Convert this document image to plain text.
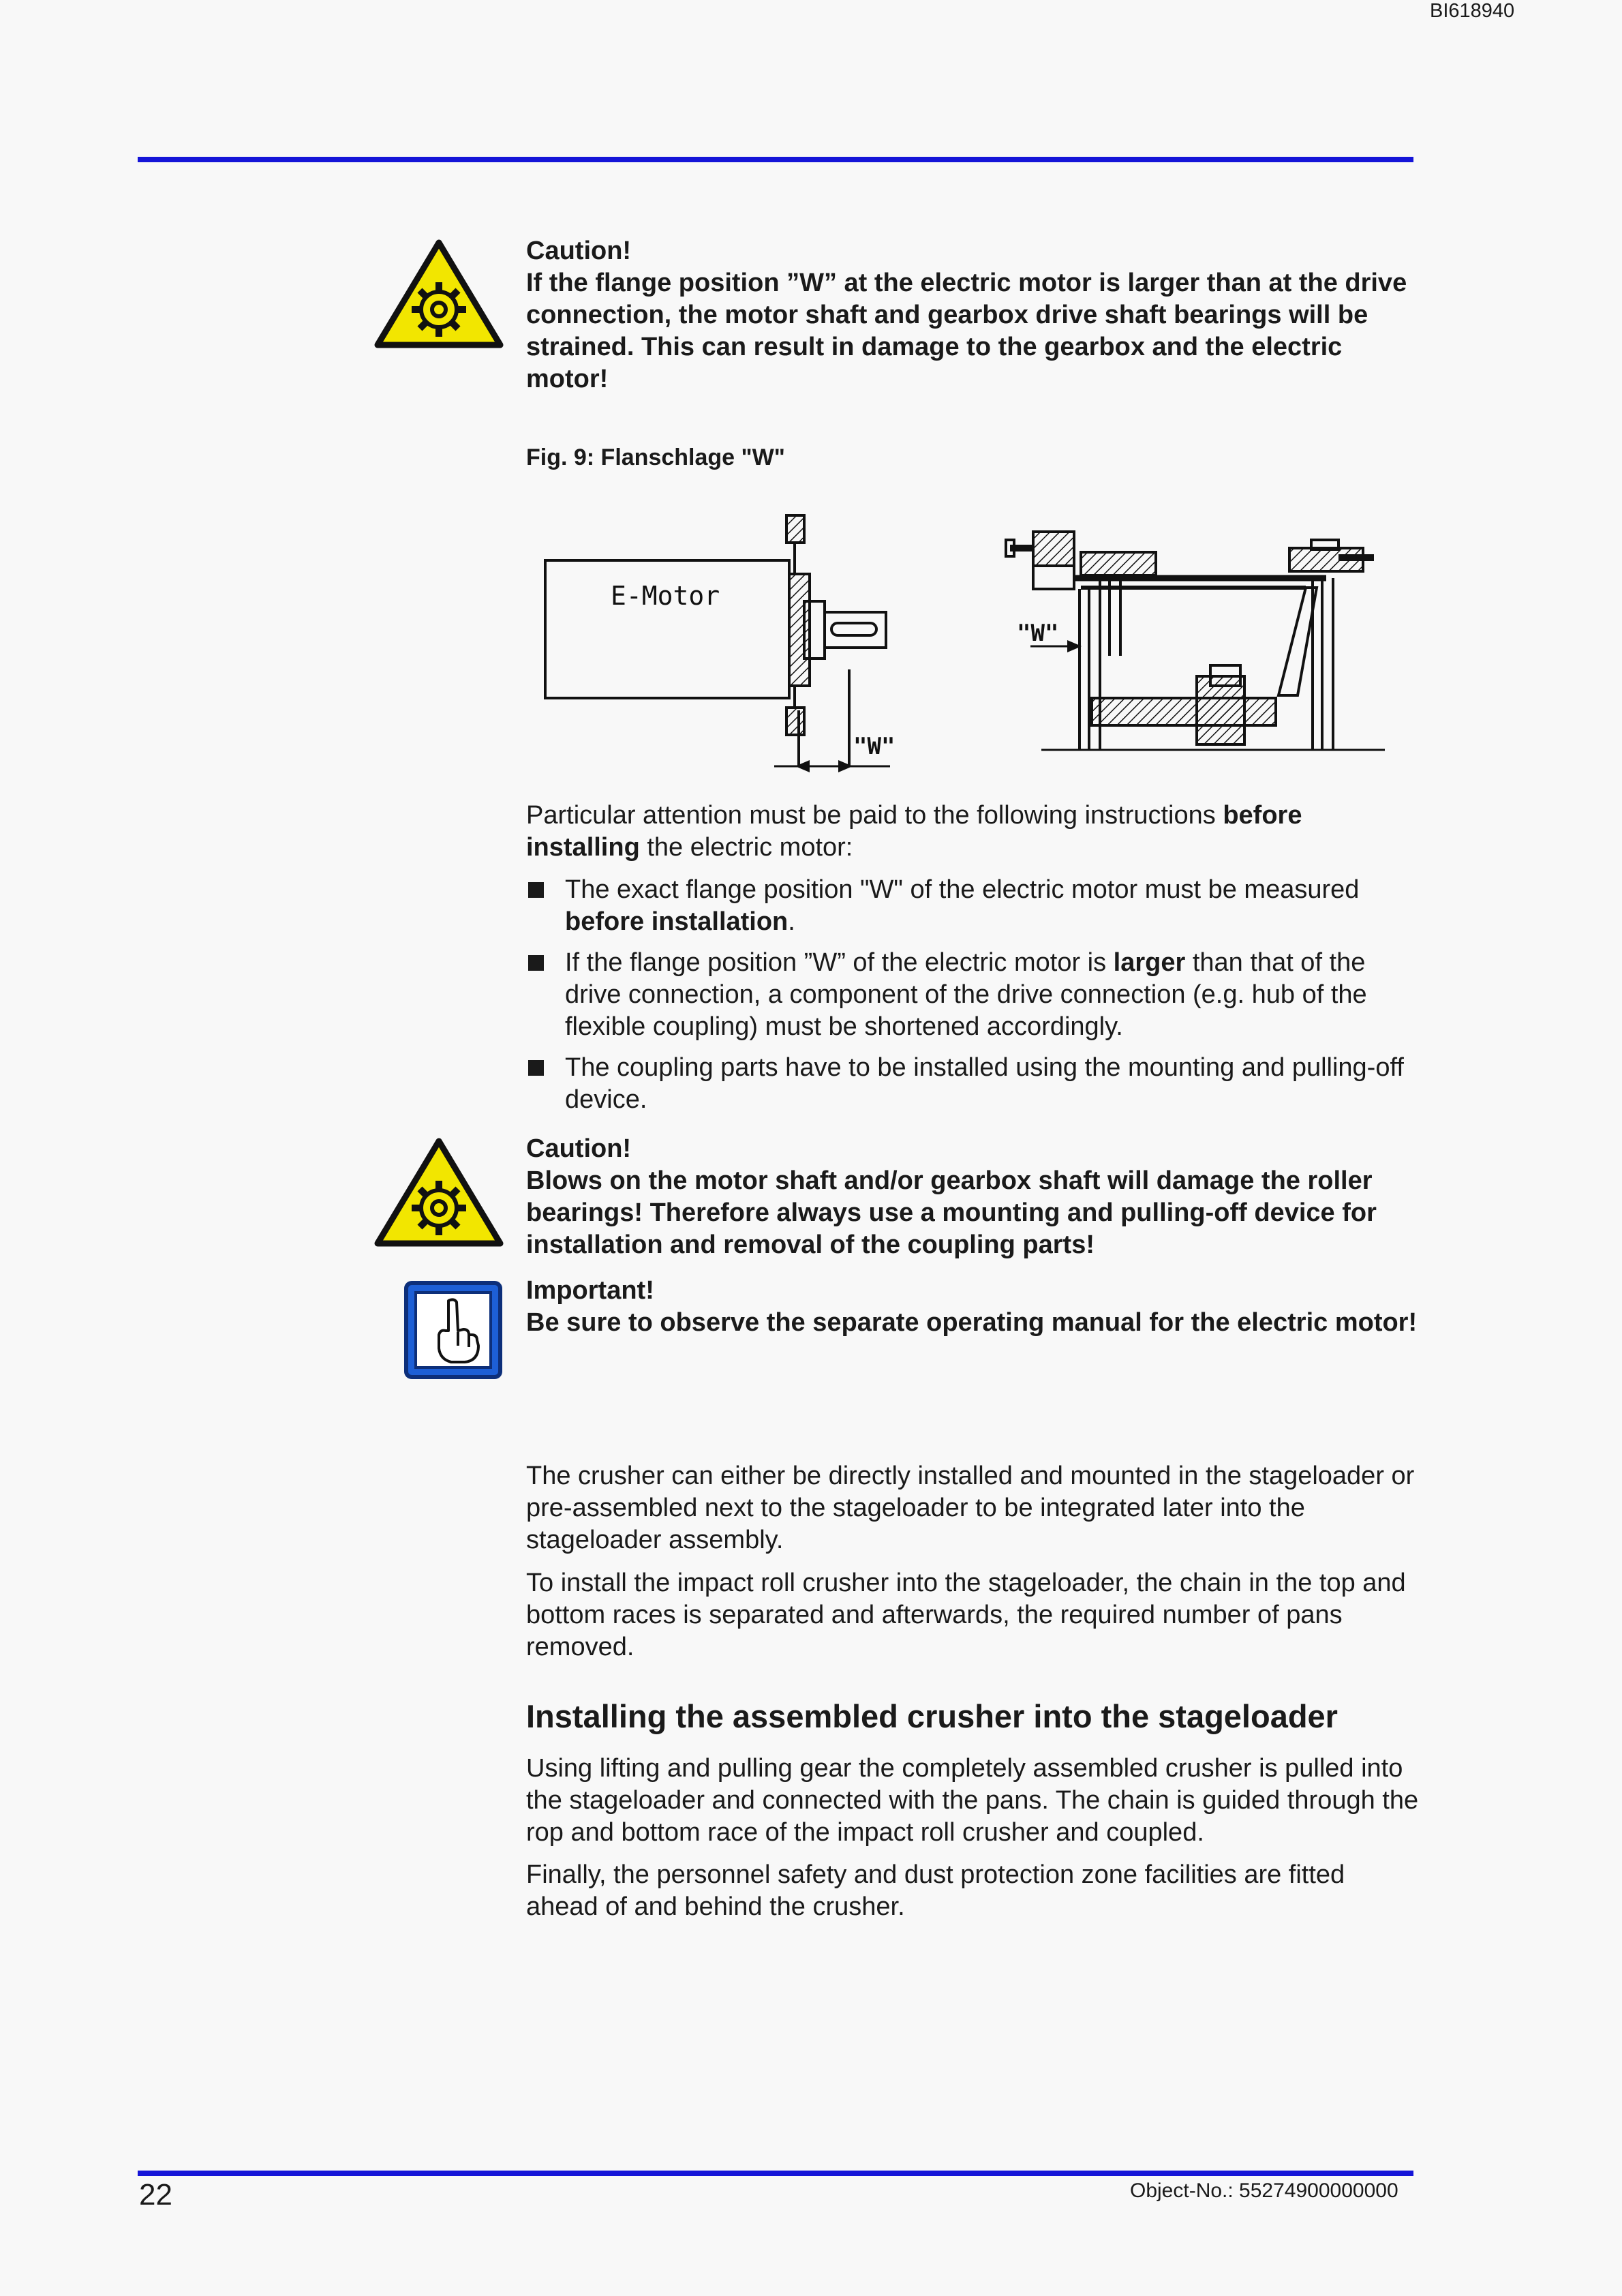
BI618940
Caution!
If the flange position ”W” at the electric motor is larger than at the drive connection, the motor shaft and gearbox drive shaft bearings will be strained. This can result in damage to the gearbox and the electric motor!
Fig. 9: Flanschlage "W"
E-Motor
"W"
"W"

Particular attention must be paid to the following instructions before installing the electric motor:

The exact flange position "W" of the electric motor must be measured before installation.
If the flange position ”W” of the electric motor is larger than that of the drive connection, a component of the drive connection (e.g. hub of the flexible coupling) must be shortened accordingly.
The coupling parts have to be installed using the mounting and pulling-off device.
Caution!
Blows on the motor shaft and/or gearbox shaft will damage the roller bearings! Therefore always use a mounting and pulling-off device for installation and removal of the coupling parts!
Important!
Be sure to observe the separate operating manual for the electric motor!
The crusher can either be directly installed and mounted in the stageloader or pre-assembled next to the stageloader to be integrated later into the stageloader assembly.
To install the impact roll crusher into the stageloader, the chain in the top and bottom races is separated and afterwards, the required number of pans removed.
Installing the assembled crusher into the stageloader
Using lifting and pulling gear the completely assembled crusher is pulled into the stageloader and connected with the pans. The chain is guided through the rop and bottom race of the impact roll crusher and coupled.
Finally, the personnel safety and dust protection zone facilities are fitted ahead of and behind the crusher.
22	Object-No.: 55274900000000
